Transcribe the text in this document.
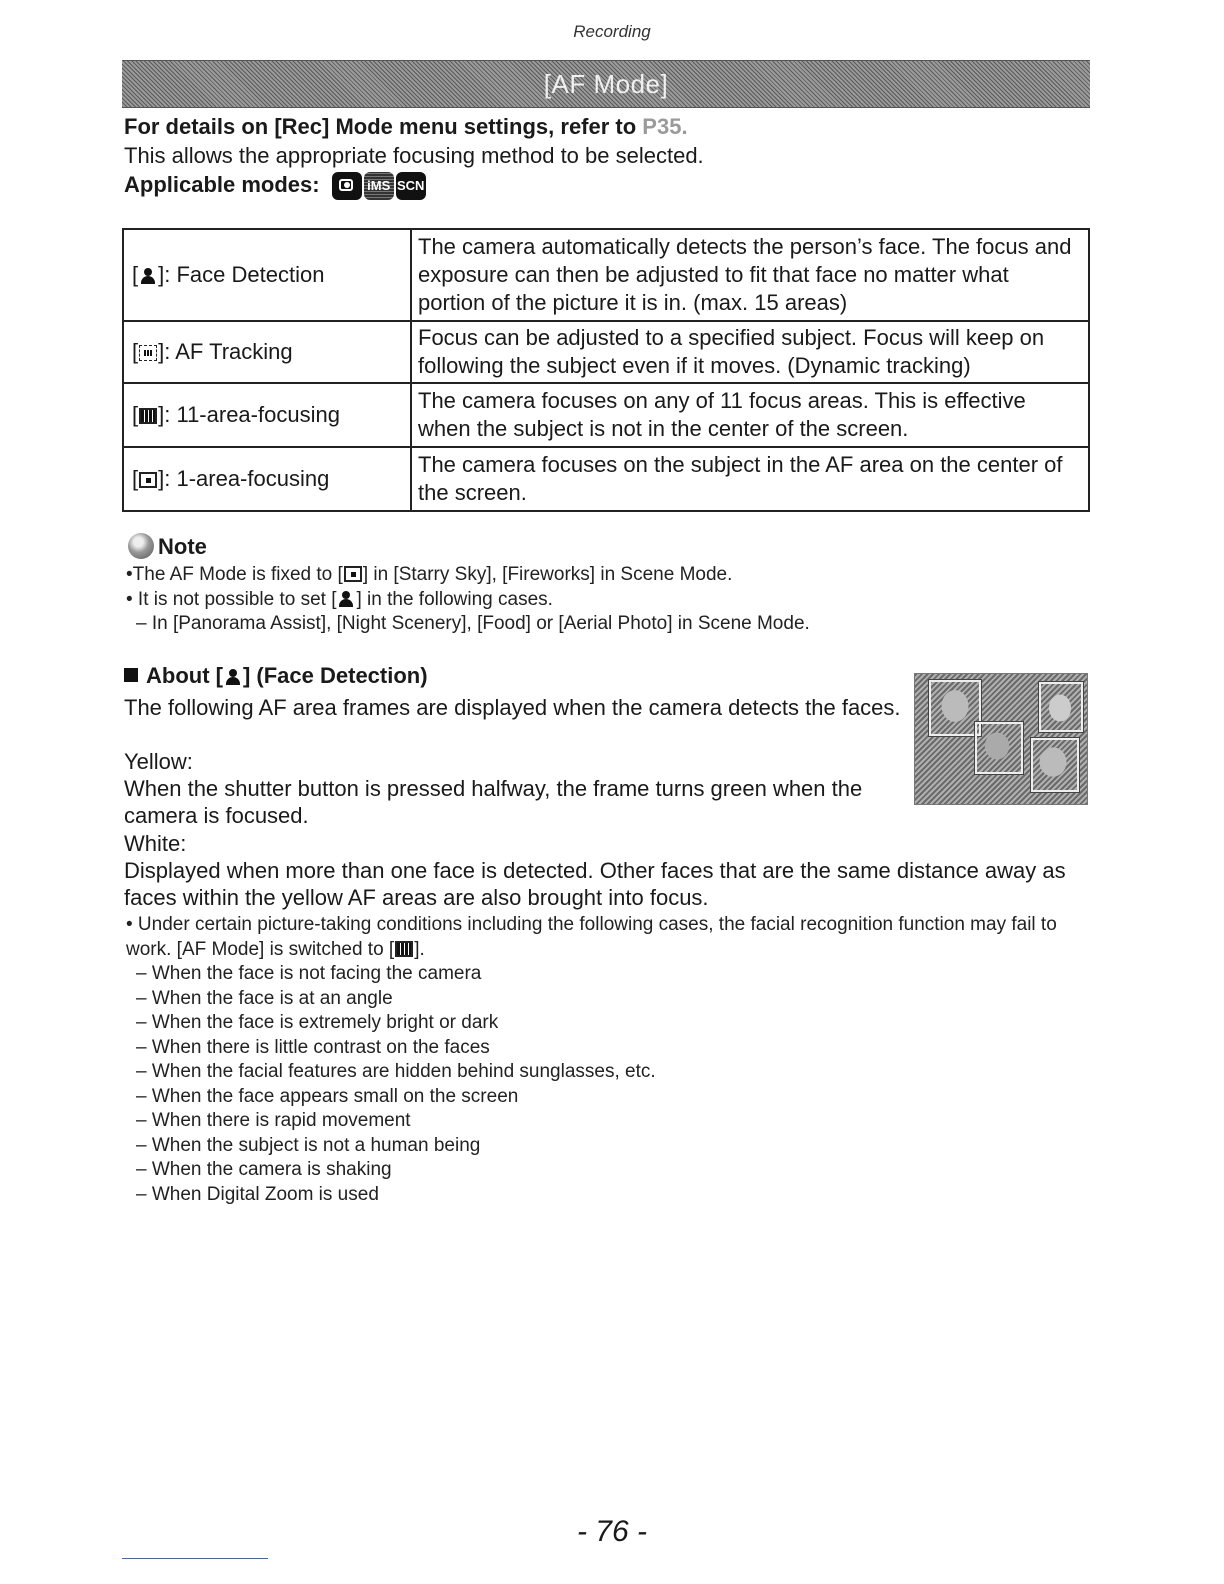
Recording
[AF Mode]
For details on [Rec] Mode menu settings, refer to P35.
This allows the appropriate focusing method to be selected.
Applicable modes:	iMS SCN
[ ]: Face Detection	The camera automatically detects the person’s face. The focus and exposure can then be adjusted to fit that face no matter what portion of the picture it is in. (max. 15 areas)
[ ]: AF Tracking	Focus can be adjusted to a specified subject. Focus will keep on following the subject even if it moves. (Dynamic tracking)
[ ]: 11-area-focusing	The camera focuses on any of 11 focus areas. This is effective when the subject is not in the center of the screen.
[ ]: 1-area-focusing	The camera focuses on the subject in the AF area on the center of the screen.
Note
•The AF Mode is fixed to [ ] in [Starry Sky], [Fireworks] in Scene Mode.
• It is not possible to set [ ] in the following cases.
– In [Panorama Assist], [Night Scenery], [Food] or [Aerial Photo] in Scene Mode.
About [ ] (Face Detection)
The following AF area frames are displayed when the camera detects the faces.
Yellow:
When the shutter button is pressed halfway, the frame turns green when the camera is focused.
White:
Displayed when more than one face is detected. Other faces that are the same distance away as faces within the yellow AF areas are also brought into focus.
• Under certain picture-taking conditions including the following cases, the facial recognition function may fail to work. [AF Mode] is switched to [ ].
– When the face is not facing the camera
– When the face is at an angle
– When the face is extremely bright or dark
– When there is little contrast on the faces
– When the facial features are hidden behind sunglasses, etc.
– When the face appears small on the screen
– When there is rapid movement
– When the subject is not a human being
– When the camera is shaking
– When Digital Zoom is used
- 76 -
